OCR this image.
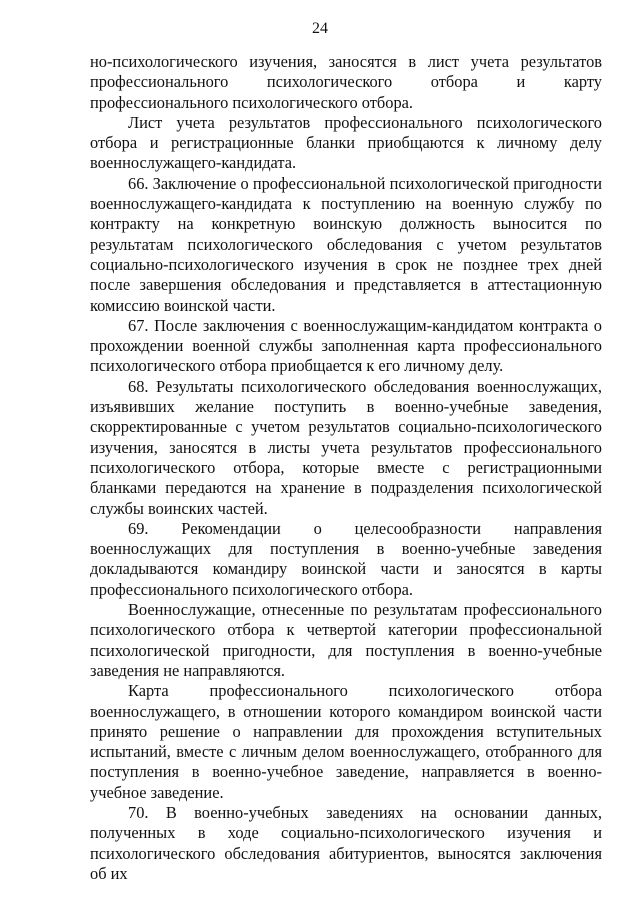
24

но-психологического изучения, заносятся в лист учета результатов профессионального психологического отбора и карту профессионального психологического отбора.

Лист учета результатов профессионального психологического отбора и регистрационные бланки приобщаются к личному делу военнослужащего-кандидата.

66. Заключение о профессиональной психологической пригодности военнослужащего-кандидата к поступлению на военную службу по контракту на конкретную воинскую должность выносится по результатам психологического обследования с учетом результатов социально-психологического изучения в срок не позднее трех дней после завершения обследования и представляется в аттестационную комиссию воинской части.

67. После заключения с военнослужащим-кандидатом контракта о прохождении военной службы заполненная карта профессионального психологического отбора приобщается к его личному делу.

68. Результаты психологического обследования военнослужащих, изъявивших желание поступить в военно-учебные заведения, скорректированные с учетом результатов социально-психологического изучения, заносятся в листы учета результатов профессионального психологического отбора, которые вместе с регистрационными бланками передаются на хранение в подразделения психологической службы воинских частей.

69. Рекомендации о целесообразности направления военнослужащих для поступления в военно-учебные заведения докладываются командиру воинской части и заносятся в карты профессионального психологического отбора.

Военнослужащие, отнесенные по результатам профессионального психологического отбора к четвертой категории профессиональной психологической пригодности, для поступления в военно-учебные заведения не направляются.

Карта профессионального психологического отбора военнослужащего, в отношении которого командиром воинской части принято решение о направлении для прохождения вступительных испытаний, вместе с личным делом военнослужащего, отобранного для поступления в военно-учебное заведение, направляется в военно-учебное заведение.

70. В военно-учебных заведениях на основании данных, полученных в ходе социально-психологического изучения и психологического обследования абитуриентов, выносятся заключения об их
